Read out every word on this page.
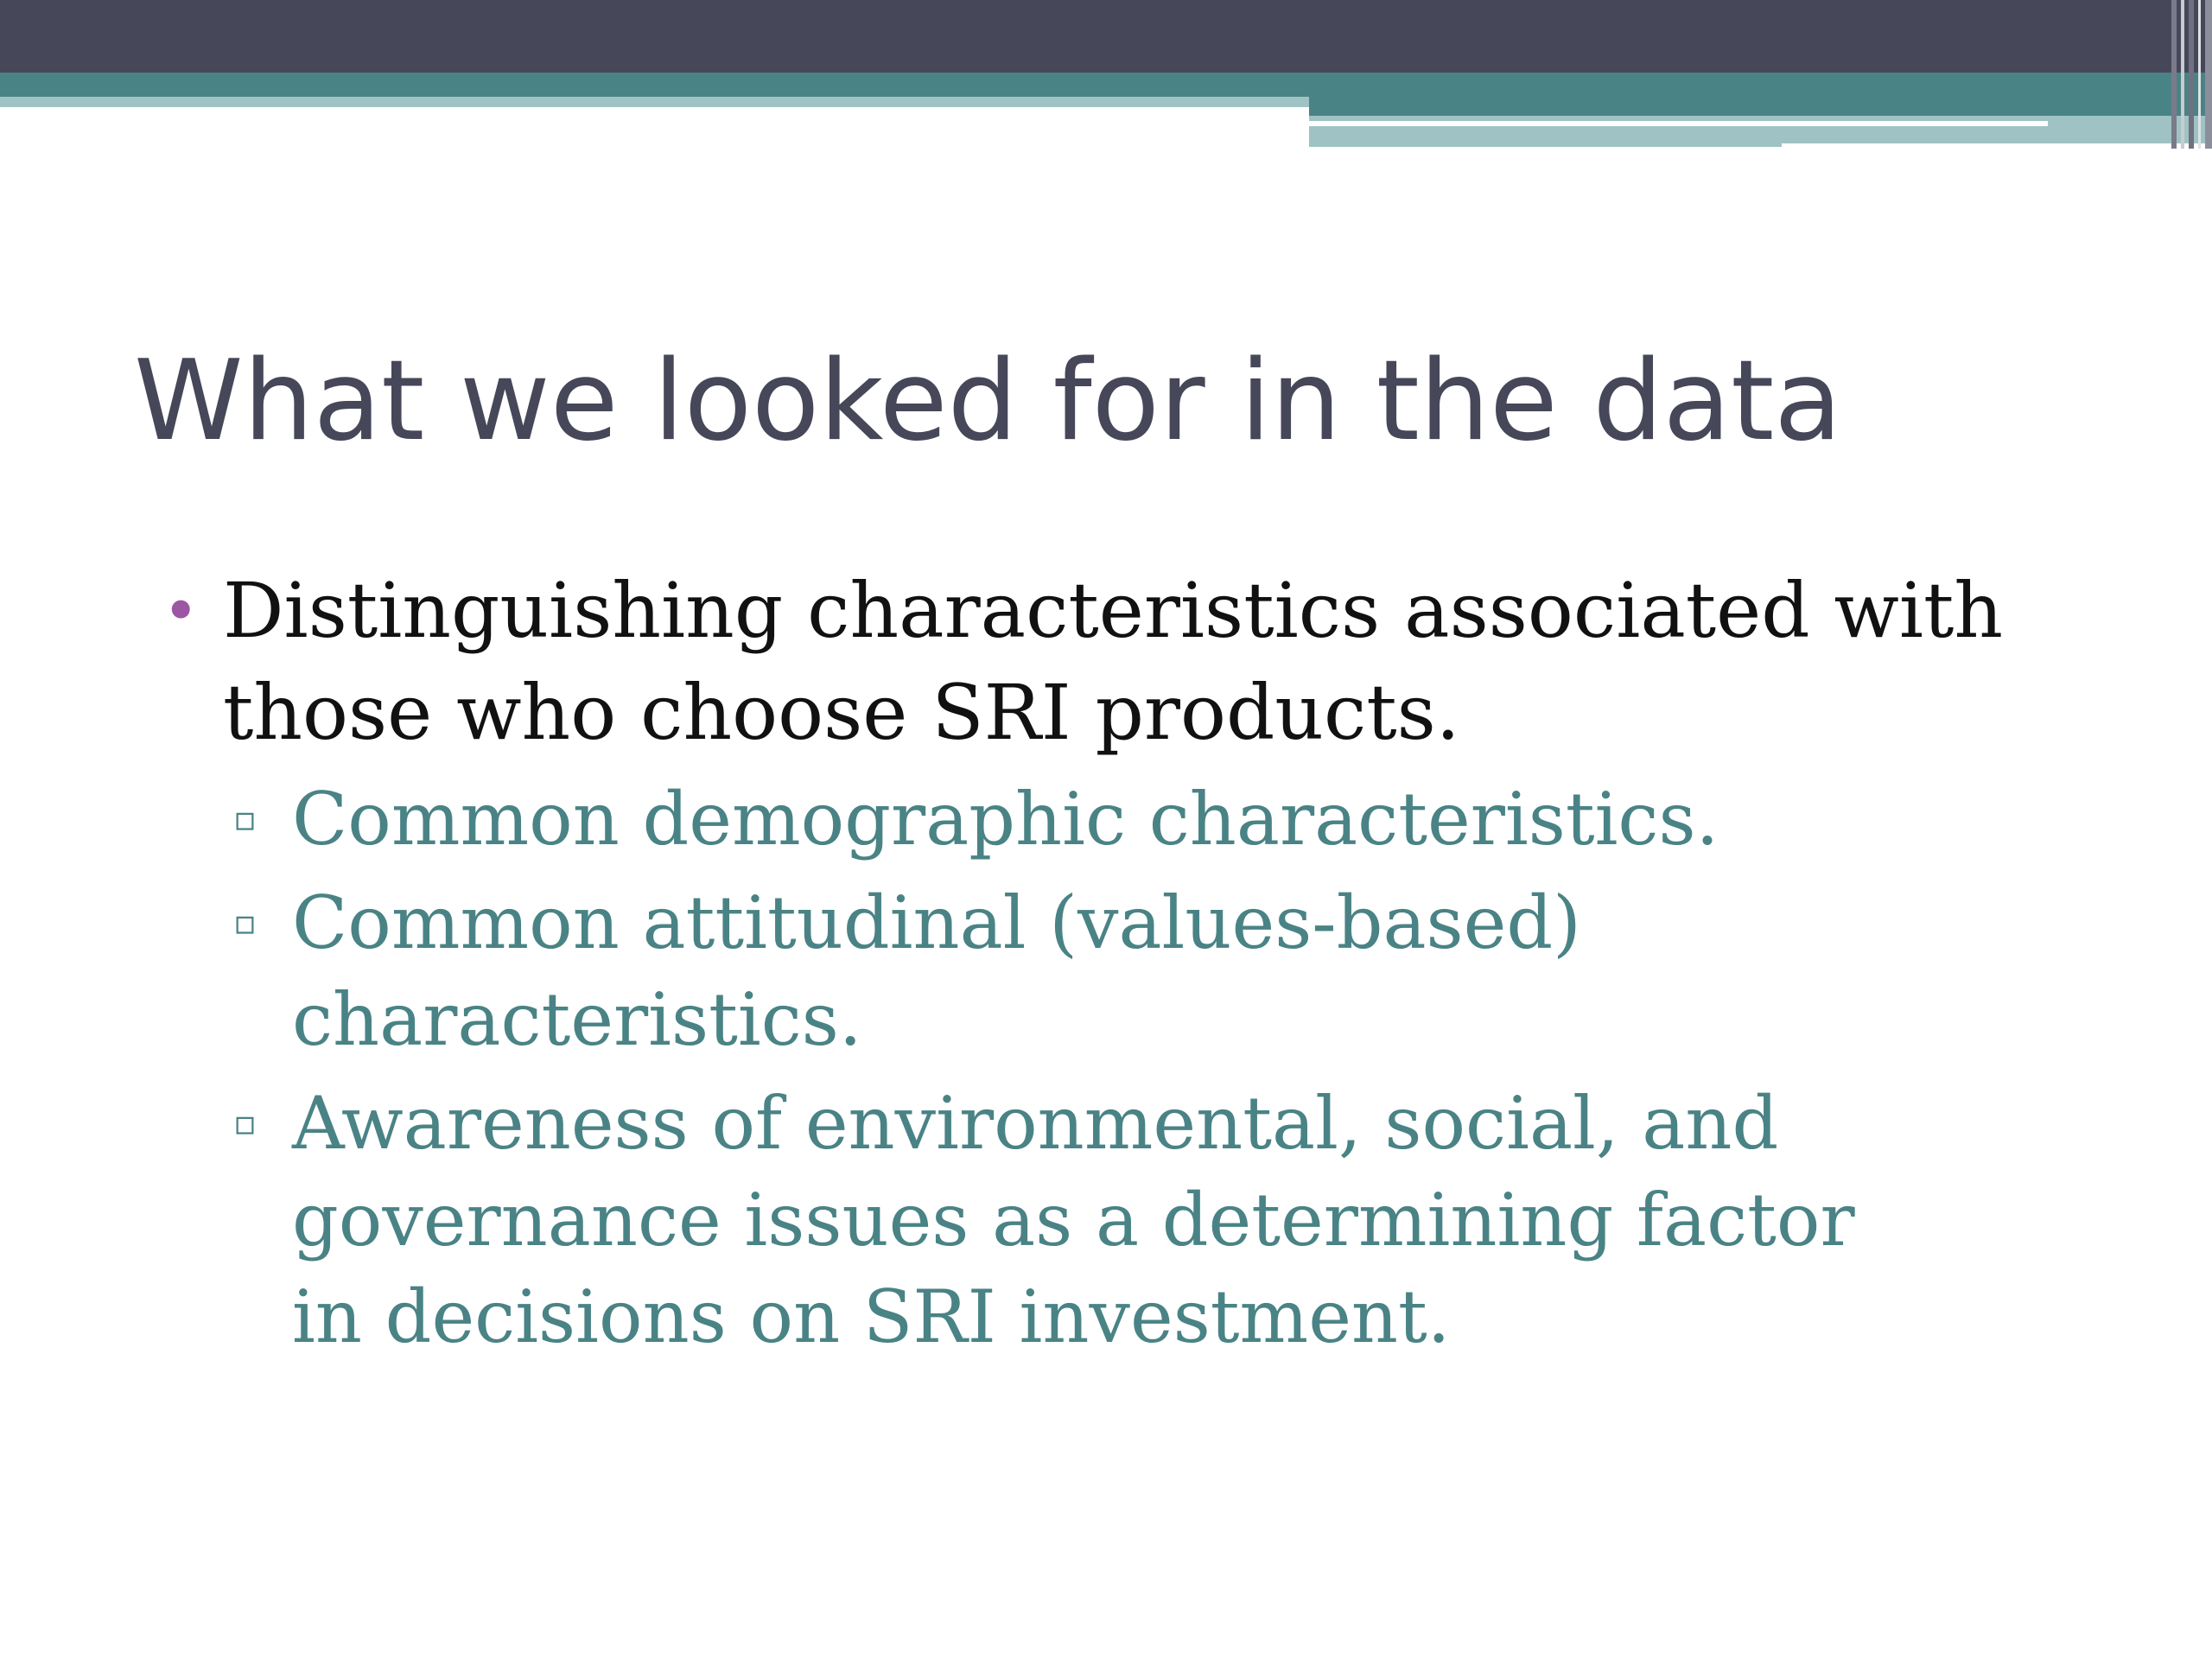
What we looked for in the data
• Distinguishing characteristics associated with those who choose SRI products.
▫ Common demographic characteristics.
▫ Common attitudinal (values-based) characteristics.
▫ Awareness of environmental, social, and governance issues as a determining factor in decisions on SRI investment.
